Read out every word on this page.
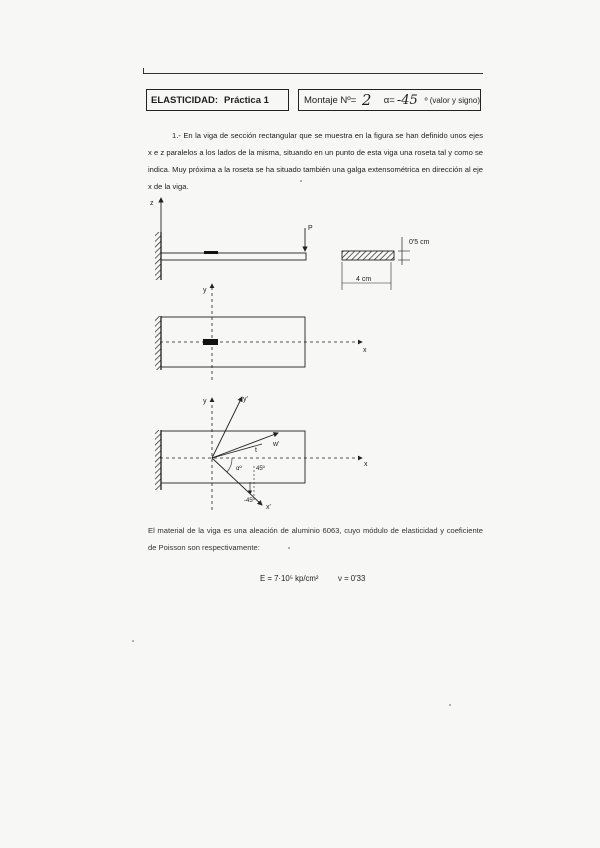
ELASTICIDAD: Práctica 1	Montaje Nº= 2 α= -45 º (valor y signo)
1.- En la viga de sección rectangular que se muestra en la figura se han definido unos ejes x e z paralelos a los lados de la misma, situando en un punto de esta viga una roseta tal y como se indica. Muy próxima a la roseta se ha situado también una galga extensométrica en dirección al eje x de la viga.
z
P
0'5 cm
4 cm
y
x
y
x
y'
w'
t
x'
αº 45º
-45º
El material de la viga es una aleación de aluminio 6063, cuyo módulo de elasticidad y coeficiente de Poisson son respectivamente:
E = 7·10⁵ kp/cm²	ν = 0'33
